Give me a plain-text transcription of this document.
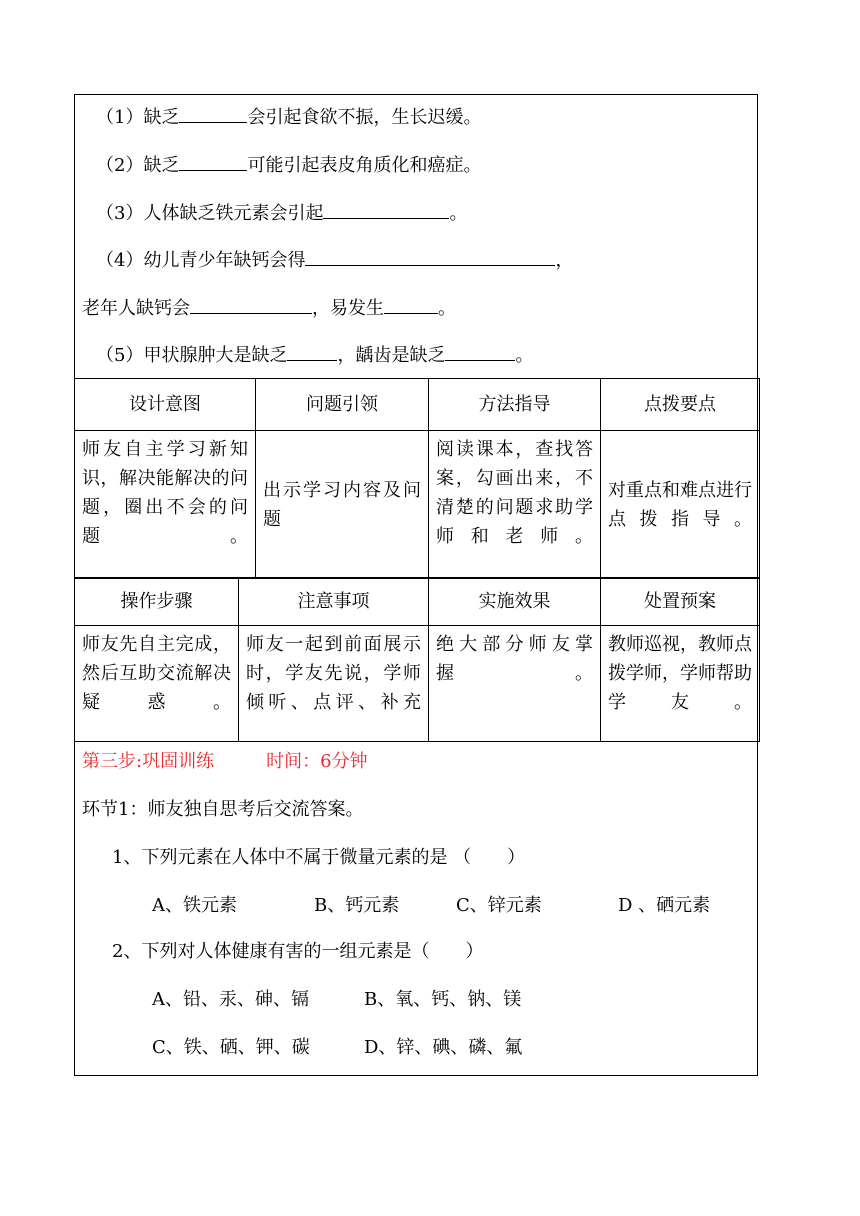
（1）缺乏	会引起食欲不振，生长迟缓。
（2）缺乏	可能引起表皮角质化和癌症。
（3）人体缺乏铁元素会引起	。
（4）幼儿青少年缺钙会得	，
老年人缺钙会	，易发生	。
（5）甲状腺肿大是缺乏	，龋齿是缺乏	。
设计意图	问题引领	方法指导	点拨要点
师友自主学习新知识，解决能解决的问题，圈出不会的问题。	出示学习内容及问题	阅读课本，查找答案，勾画出来，不清楚的问题求助学师和老师。	对重点和难点进行点拨指导。
操作步骤	注意事项	实施效果	处置预案
师友先自主完成，然后互助交流解决疑惑。	师友一起到前面展示时，学友先说，学师倾听、点评、补充	绝大部分师友掌握。	教师巡视，教师点拨学师，学师帮助学友。
第三步:巩固训练	时间：6分钟
环节1：师友独自思考后交流答案。
1、下列元素在人体中不属于微量元素的是 （　　）
A、铁元素	B、钙元素	C、锌元素	D 、硒元素
2、下列对人体健康有害的一组元素是（　　）
A、铅、汞、砷、镉	B、氧、钙、钠、镁
C、铁、硒、钾、碳	D、锌、碘、磷、氟
